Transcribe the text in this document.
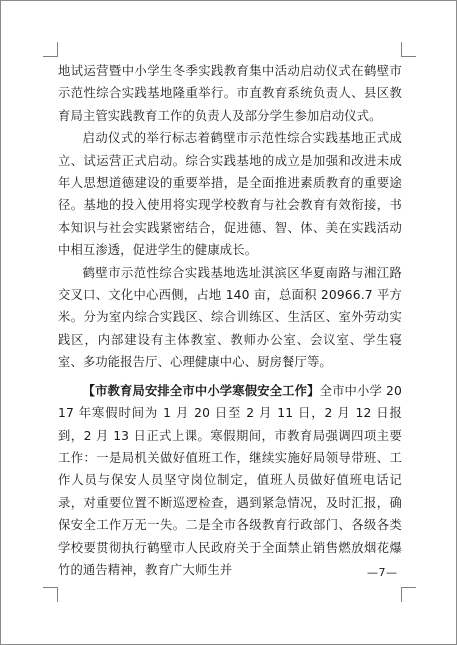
地试运营暨中小学生冬季实践教育集中活动启动仪式在鹤壁市示范性综合实践基地隆重举行。市直教育系统负责人、县区教育局主管实践教育工作的负责人及部分学生参加启动仪式。

启动仪式的举行标志着鹤壁市示范性综合实践基地正式成立、试运营正式启动。综合实践基地的成立是加强和改进未成年人思想道德建设的重要举措，是全面推进素质教育的重要途径。基地的投入使用将实现学校教育与社会教育有效衔接，书本知识与社会实践紧密结合，促进德、智、体、美在实践活动中相互渗透，促进学生的健康成长。

鹤壁市示范性综合实践基地选址淇滨区华夏南路与湘江路交叉口、文化中心西侧，占地 140 亩，总面积 20966.7 平方米。分为室内综合实践区、综合训练区、生活区、室外劳动实践区，内部建设有主体教室、教师办公室、会议室、学生寝室、多功能报告厅、心理健康中心、厨房餐厅等。

【市教育局安排全市中小学寒假安全工作】全市中小学 2017 年寒假时间为 1 月 20 日至 2 月 11 日，2 月 12 日报到，2 月 13 日正式上课。寒假期间，市教育局强调四项主要工作：一是局机关做好值班工作，继续实施好局领导带班、工作人员与保安人员坚守岗位制定，值班人员做好值班电话记录，对重要位置不断巡逻检查，遇到紧急情况，及时汇报，确保安全工作万无一失。二是全市各级教育行政部门、各级各类学校要贯彻执行鹤壁市人民政府关于全面禁止销售燃放烟花爆竹的通告精神，教育广大师生并	—7—
